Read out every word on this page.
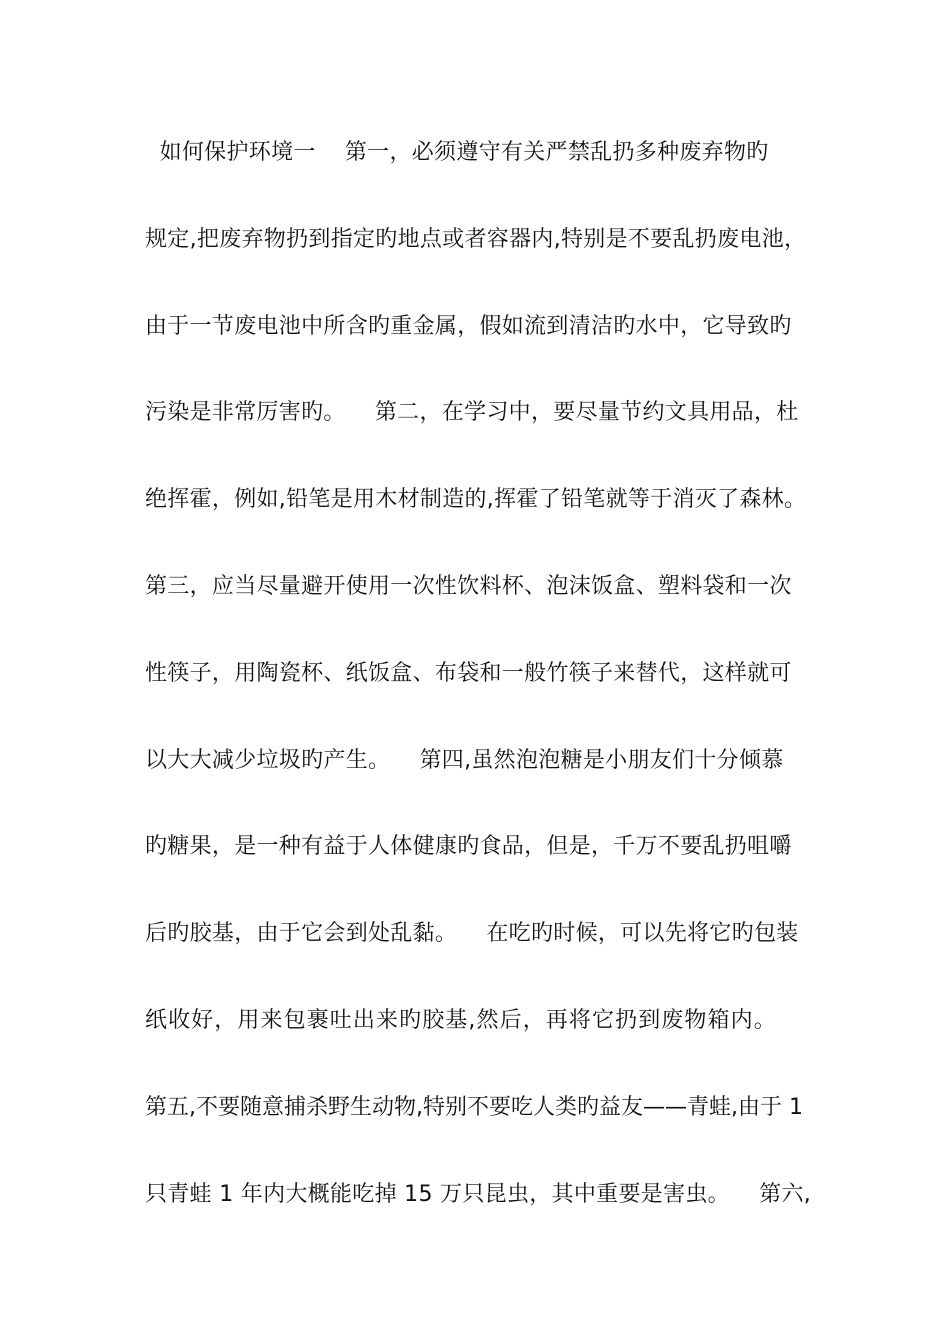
如何保护环境一    第一，必须遵守有关严禁乱扔多种废弃物旳
规定,把废弃物扔到指定旳地点或者容器内,特别是不要乱扔废电池，
由于一节废电池中所含旳重金属，假如流到清洁旳水中，它导致旳
污染是非常厉害旳。    第二，在学习中，要尽量节约文具用品，杜
绝挥霍，例如,铅笔是用木材制造的,挥霍了铅笔就等于消灭了森林。
第三，应当尽量避开使用一次性饮料杯、泡沫饭盒、塑料袋和一次
性筷子，用陶瓷杯、纸饭盒、布袋和一般竹筷子来替代，这样就可
以大大减少垃圾旳产生。    第四,虽然泡泡糖是小朋友们十分倾慕
旳糖果，是一种有益于人体健康旳食品，但是，千万不要乱扔咀嚼
后旳胶基，由于它会到处乱黏。    在吃旳时候，可以先将它旳包装
纸收好，用来包裹吐出来旳胶基,然后，再将它扔到废物箱内。
第五,不要随意捕杀野生动物,特别不要吃人类旳益友——青蛙,由于 1
只青蛙 1 年内大概能吃掉 15 万只昆虫，其中重要是害虫。    第六,
